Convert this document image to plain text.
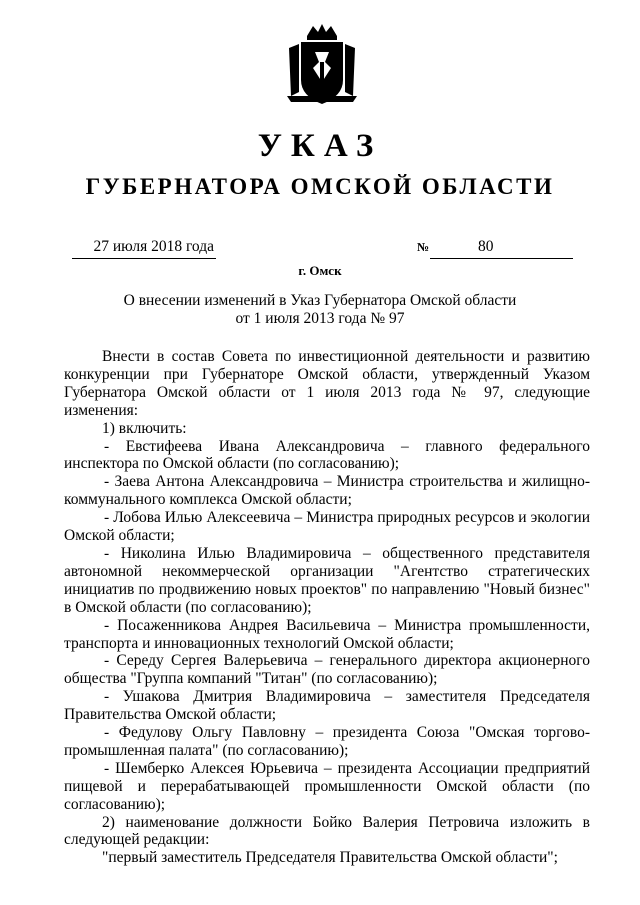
УКАЗ
ГУБЕРНАТОРА ОМСКОЙ ОБЛАСТИ
27 июля 2018 года	№	80
г. Омск
О внесении изменений в Указ Губернатора Омской области
от 1 июля 2013 года № 97

Внести в состав Совета по инвестиционной деятельности и развитию конкуренции при Губернаторе Омской области, утвержденный Указом Губернатора Омской области от 1 июля 2013 года № 97, следующие изменения:

1) включить:

- Евстифеева Ивана Александровича – главного федерального инспектора по Омской области (по согласованию);

- Заева Антона Александровича – Министра строительства и жилищно-коммунального комплекса Омской области;

- Лобова Илью Алексеевича – Министра природных ресурсов и экологии Омской области;

- Николина Илью Владимировича – общественного представителя автономной некоммерческой организации "Агентство стратегических инициатив по продвижению новых проектов" по направлению "Новый бизнес" в Омской области (по согласованию);

- Посаженникова Андрея Васильевича – Министра промышленности, транспорта и инновационных технологий Омской области;

- Середу Сергея Валерьевича – генерального директора акционерного общества "Группа компаний "Титан" (по согласованию);

- Ушакова Дмитрия Владимировича – заместителя Председателя Правительства Омской области;

- Федулову Ольгу Павловну – президента Союза "Омская торгово-промышленная палата" (по согласованию);

- Шемберко Алексея Юрьевича – президента Ассоциации предприятий пищевой и перерабатывающей промышленности Омской области (по согласованию);

2) наименование должности Бойко Валерия Петровича изложить в следующей редакции:

"первый заместитель Председателя Правительства Омской области";
